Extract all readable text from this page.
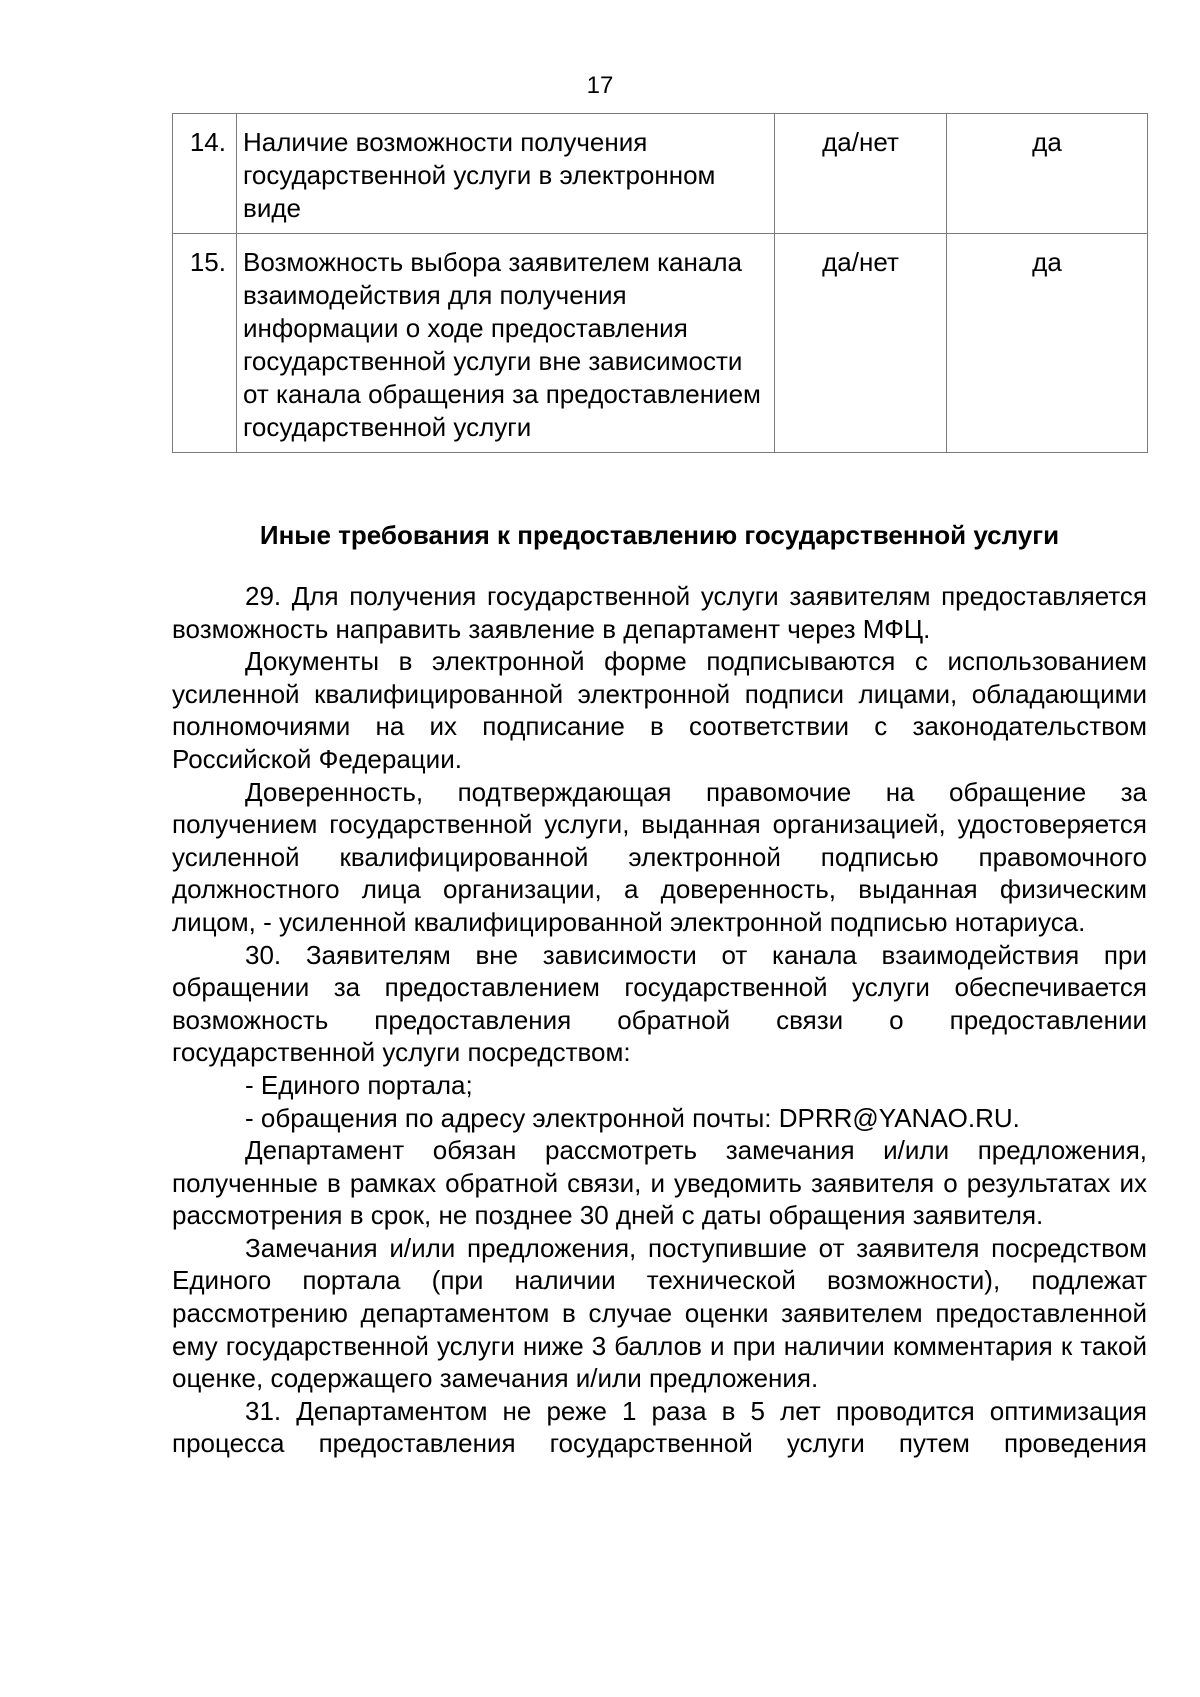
17
14.	Наличие возможности получения государственной услуги в электронном виде	да/нет	да
15.	Возможность выбора заявителем канала взаимодействия для получения информации о ходе предоставления государственной услуги вне зависимости от канала обращения за предоставлением государственной услуги	да/нет	да
Иные требования к предоставлению государственной услуги

29. Для получения государственной услуги заявителям предоставляется возможность направить заявление в департамент через МФЦ.

Документы в электронной форме подписываются с использованием усиленной квалифицированной электронной подписи лицами, обладающими полномочиями на их подписание в соответствии с законодательством Российской Федерации.

Доверенность, подтверждающая правомочие на обращение за получением государственной услуги, выданная организацией, удостоверяется усиленной квалифицированной электронной подписью правомочного должностного лица организации, а доверенность, выданная физическим лицом, - усиленной квалифицированной электронной подписью нотариуса.

30. Заявителям вне зависимости от канала взаимодействия при обращении за предоставлением государственной услуги обеспечивается возможность предоставления обратной связи о предоставлении государственной услуги посредством:

- Единого портала;

- обращения по адресу электронной почты: DPRR@YANAO.RU.

Департамент обязан рассмотреть замечания и/или предложения, полученные в рамках обратной связи, и уведомить заявителя о результатах их рассмотрения в срок, не позднее 30 дней с даты обращения заявителя.

Замечания и/или предложения, поступившие от заявителя посредством Единого портала (при наличии технической возможности), подлежат рассмотрению департаментом в случае оценки заявителем предоставленной ему государственной услуги ниже 3 баллов и при наличии комментария к такой оценке, содержащего замечания и/или предложения.

31. Департаментом не реже 1 раза в 5 лет проводится оптимизация процесса предоставления государственной услуги путем проведения
